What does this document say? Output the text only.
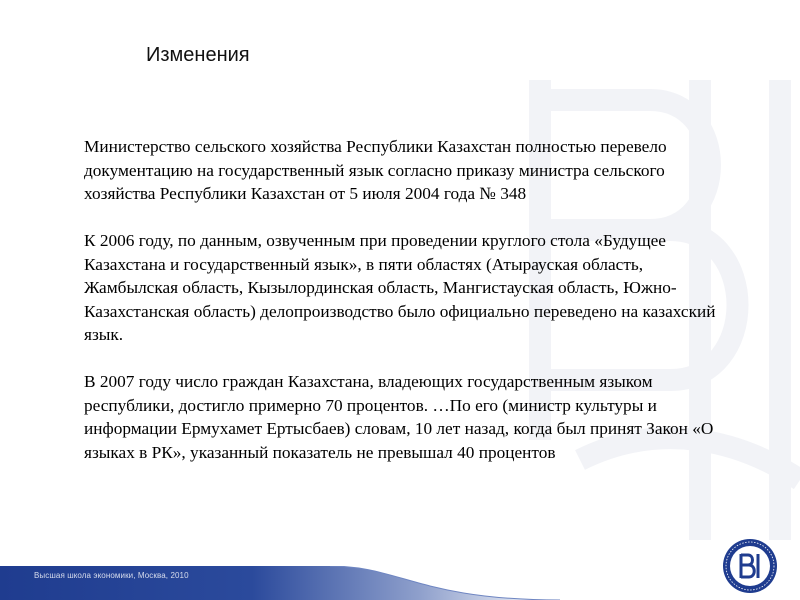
Изменения

Министерство сельского хозяйства Республики Казахстан полностью перевело документацию на государственный язык согласно приказу министра сельского хозяйства Республики Казахстан от 5 июля 2004 года № 348

К 2006 году, по данным, озвученным при проведении круглого стола «Будущее Казахстана и государственный язык», в пяти областях (Атырауская область, Жамбылская область, Кызылординская область, Мангистауская область, Южно-Казахстанская область) делопроизводство было официально переведено на казахский язык.

В 2007 году число граждан Казахстана, владеющих государственным языком республики, достигло примерно 70 процентов. …По его (министр культуры и информации Ермухамет Ертысбаев) словам, 10 лет назад, когда был принят Закон «О языках в РК», указанный показатель не превышал 40 процентов

Высшая школа экономики, Москва, 2010
